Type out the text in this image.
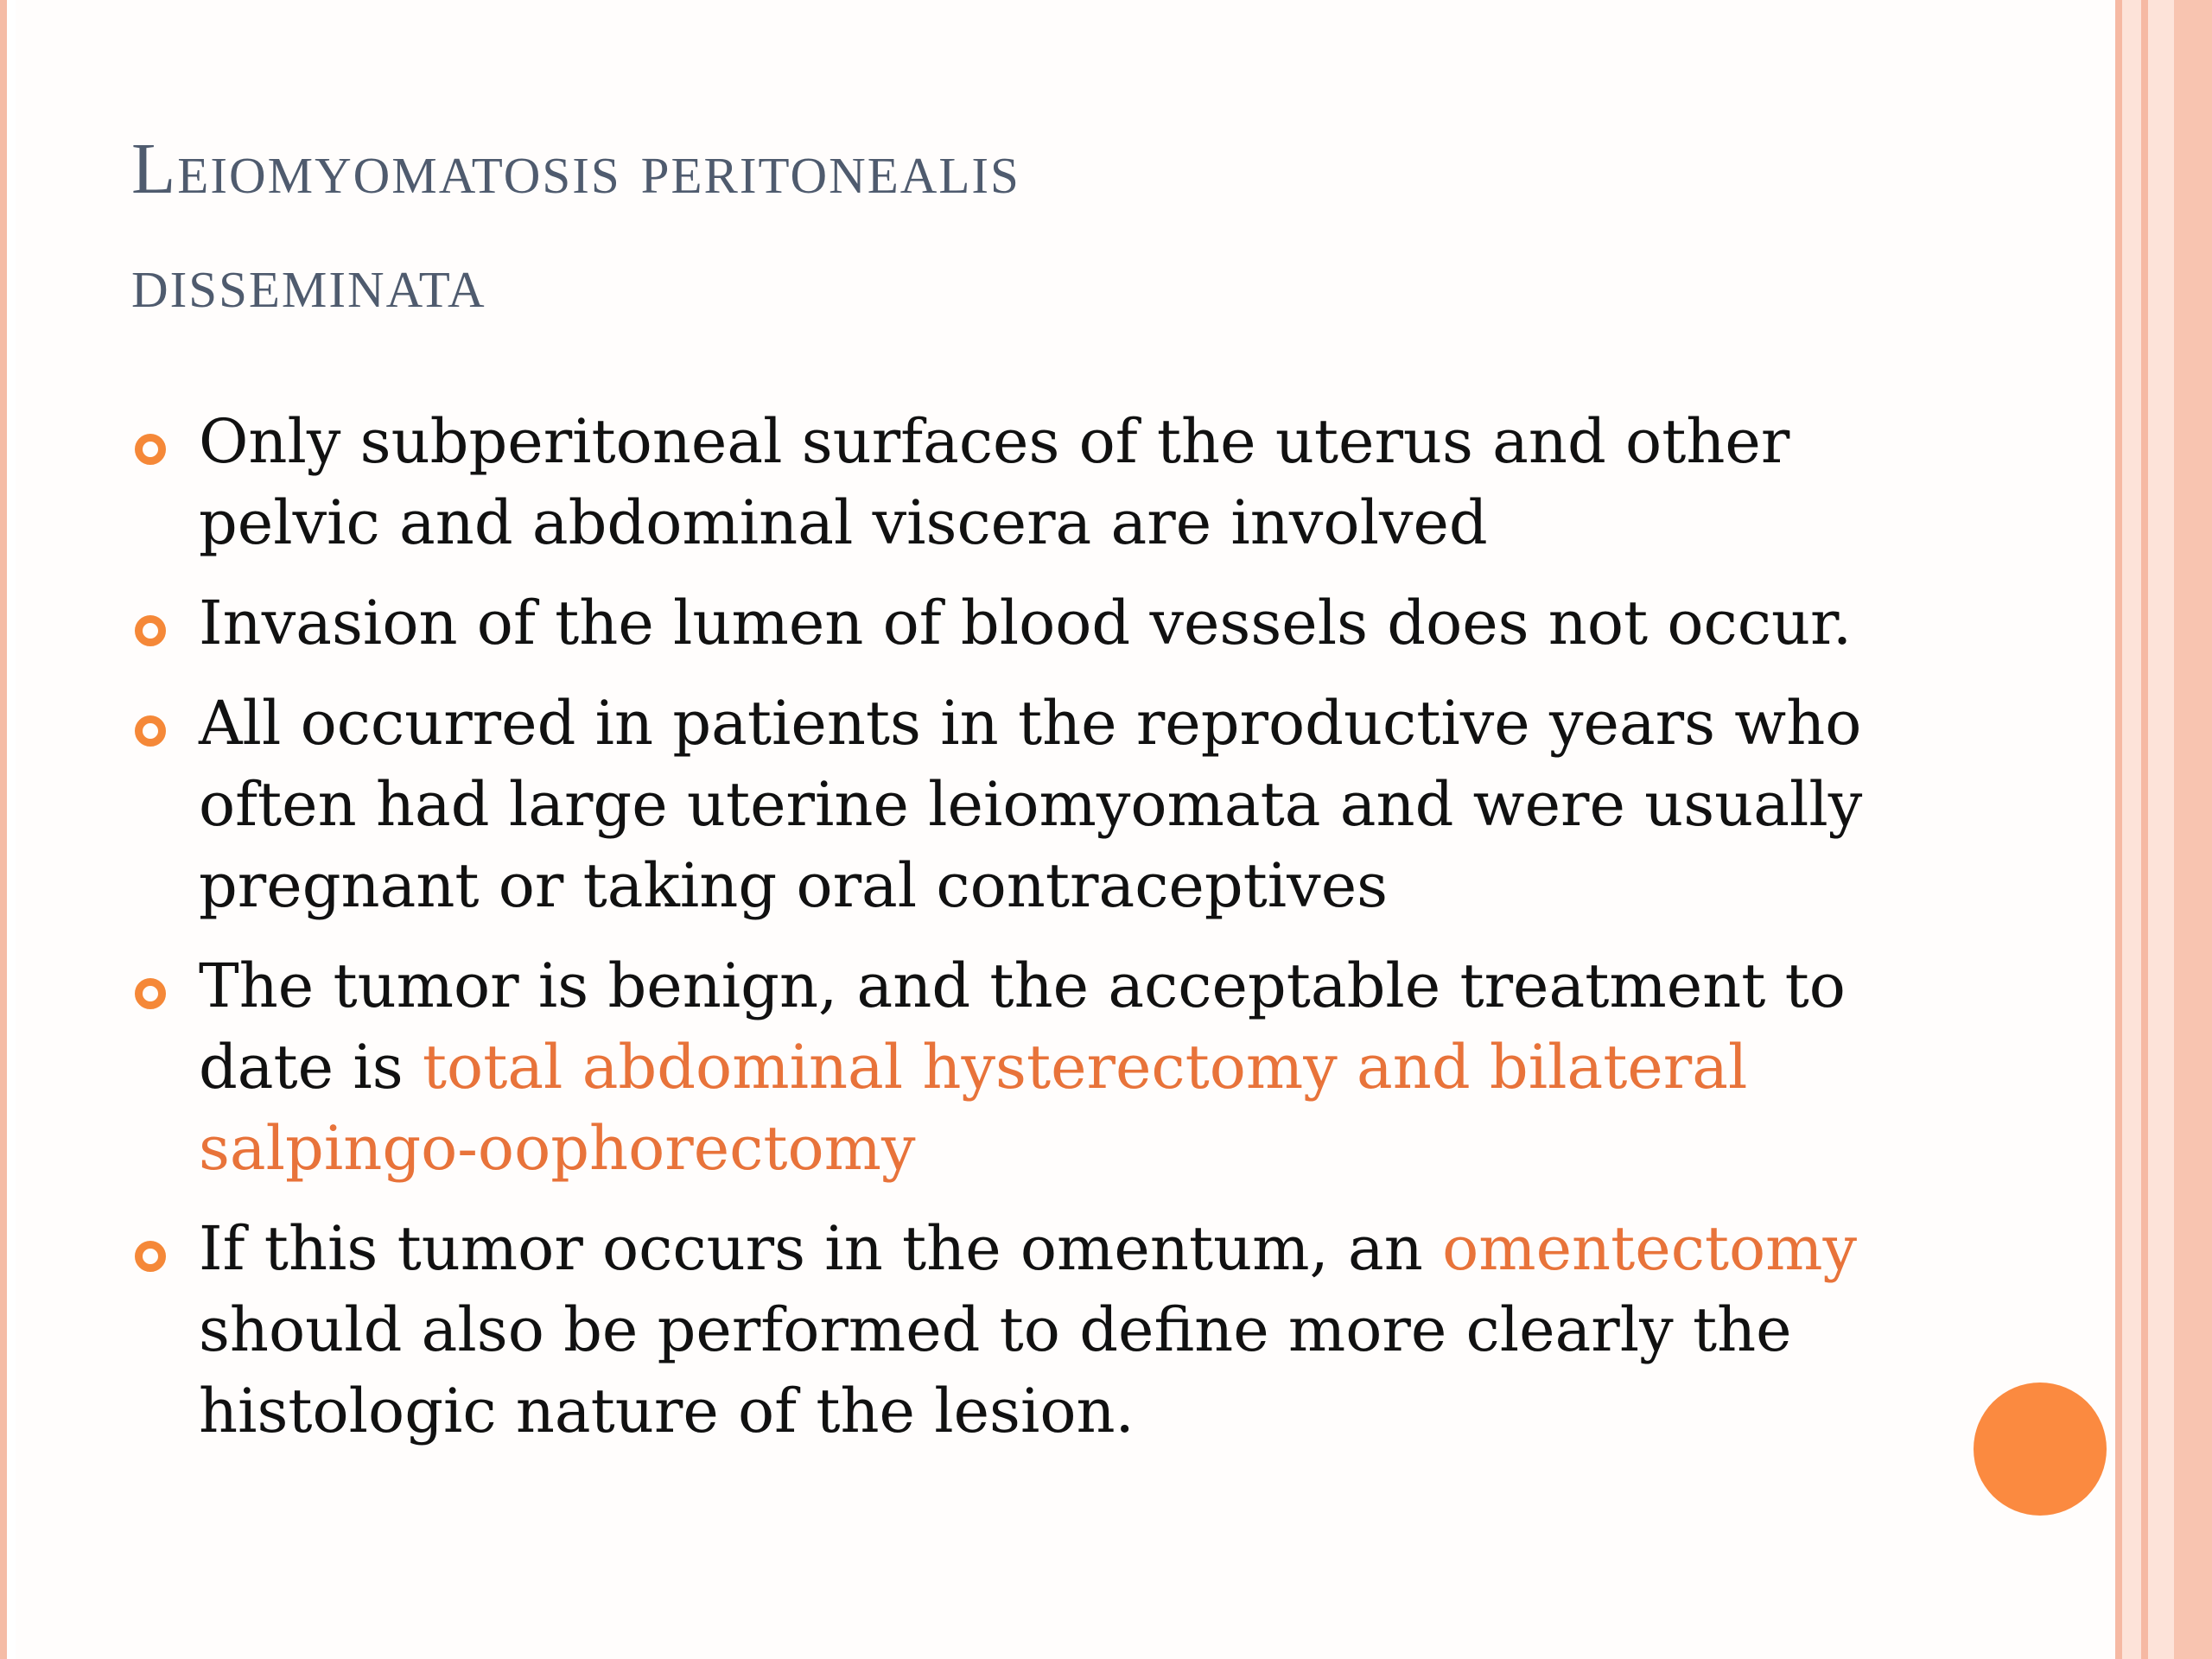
Leiomyomatosis peritonealis
disseminata
Only subperitoneal surfaces of the uterus and other pelvic and abdominal viscera are involved
Invasion of the lumen of blood vessels does not occur.
All occurred in patients in the reproductive years who often had large uterine leiomyomata and were usually pregnant or taking oral contraceptives
The tumor is benign, and the acceptable treatment to date is total abdominal hysterectomy and bilateral salpingo-oophorectomy
If this tumor occurs in the omentum, an omentectomy should also be performed to define more clearly the histologic nature of the lesion.
